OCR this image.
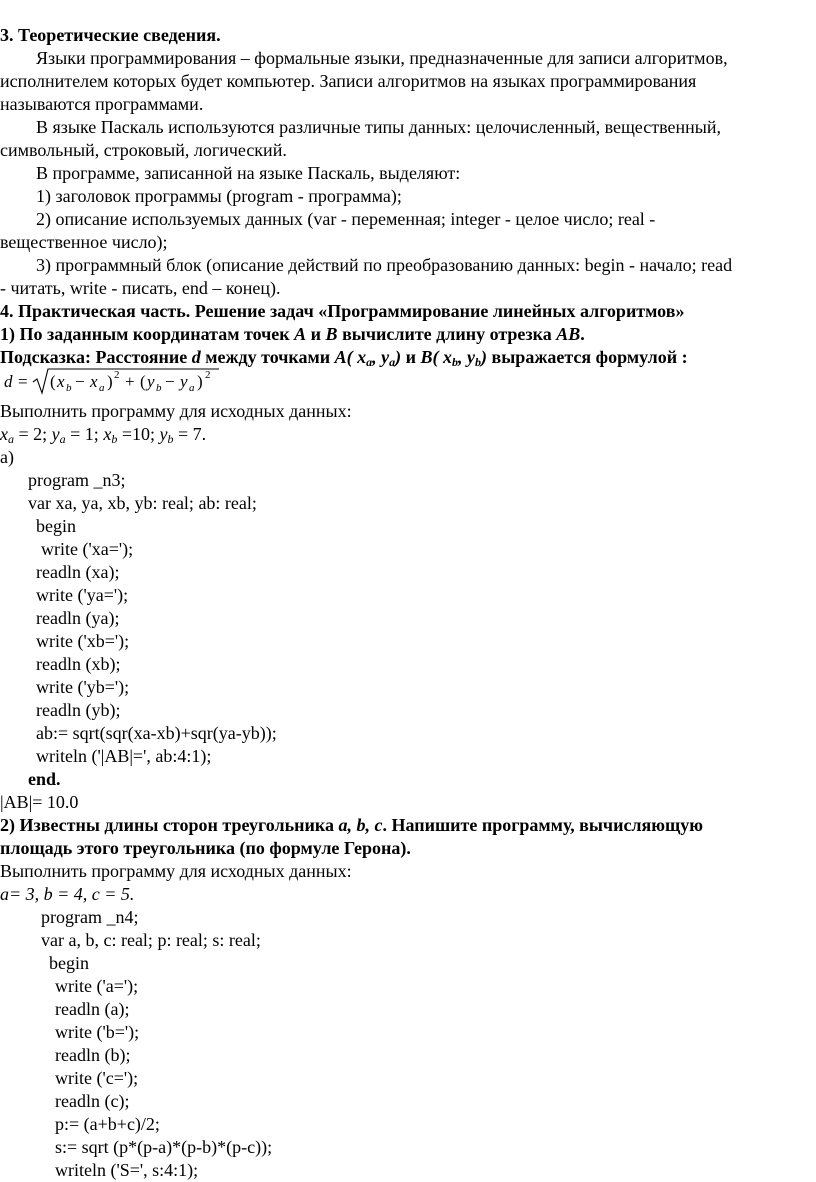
3. Теоретические сведения.
Языки программирования – формальные языки, предназначенные для записи алгоритмов,
исполнителем которых будет компьютер. Записи алгоритмов на языках программирования
называются программами.
В языке Паскаль используются различные типы данных: целочисленный, вещественный,
символьный, строковый, логический.
В программе, записанной на языке Паскаль, выделяют:
1) заголовок программы (program - программа);
2) описание используемых данных (var - переменная; integer - целое число; real -
вещественное число);
3) программный блок (описание действий по преобразованию данных: begin - начало; read
- читать, write - писать, end – конец).
4. Практическая часть. Решение задач «Программирование линейных алгоритмов»
1) По заданным координатам точек A и B вычислите длину отрезка AB.
Подсказка: Расстояние d между точками A( $x_a$, $y_a$) и B( $x_b$, $y_b$) выражается формулой :
d = ( x b − x a ) 2 + ( y b − y a ) 2
Выполнить программу для исходных данных:
$x_a = 2$; $y_a = 1$; $x_b =10$; $y_b = 7$.
а)
program _n3;
var xa, ya, xb, yb: real; ab: real;
begin
write ('xa=');
readln (xa);
write ('ya=');
readln (ya);
write ('xb=');
readln (xb);
write ('yb=');
readln (yb);
ab:= sqrt(sqr(xa-xb)+sqr(ya-yb));
writeln ('|AB|=', ab:4:1);
end.
|AB|= 10.0
2) Известны длины сторон треугольника a, b, c. Напишите программу, вычисляющую
площадь этого треугольника (по формуле Герона).
Выполнить программу для исходных данных:
a= 3, b = 4, c = 5.
program _n4;
var a, b, c: real; p: real; s: real;
begin
write ('a=');
readln (a);
write ('b=');
readln (b);
write ('c=');
readln (c);
p:= (a+b+c)/2;
s:= sqrt (p*(p-a)*(p-b)*(p-c));
writeln ('S=', s:4:1);
